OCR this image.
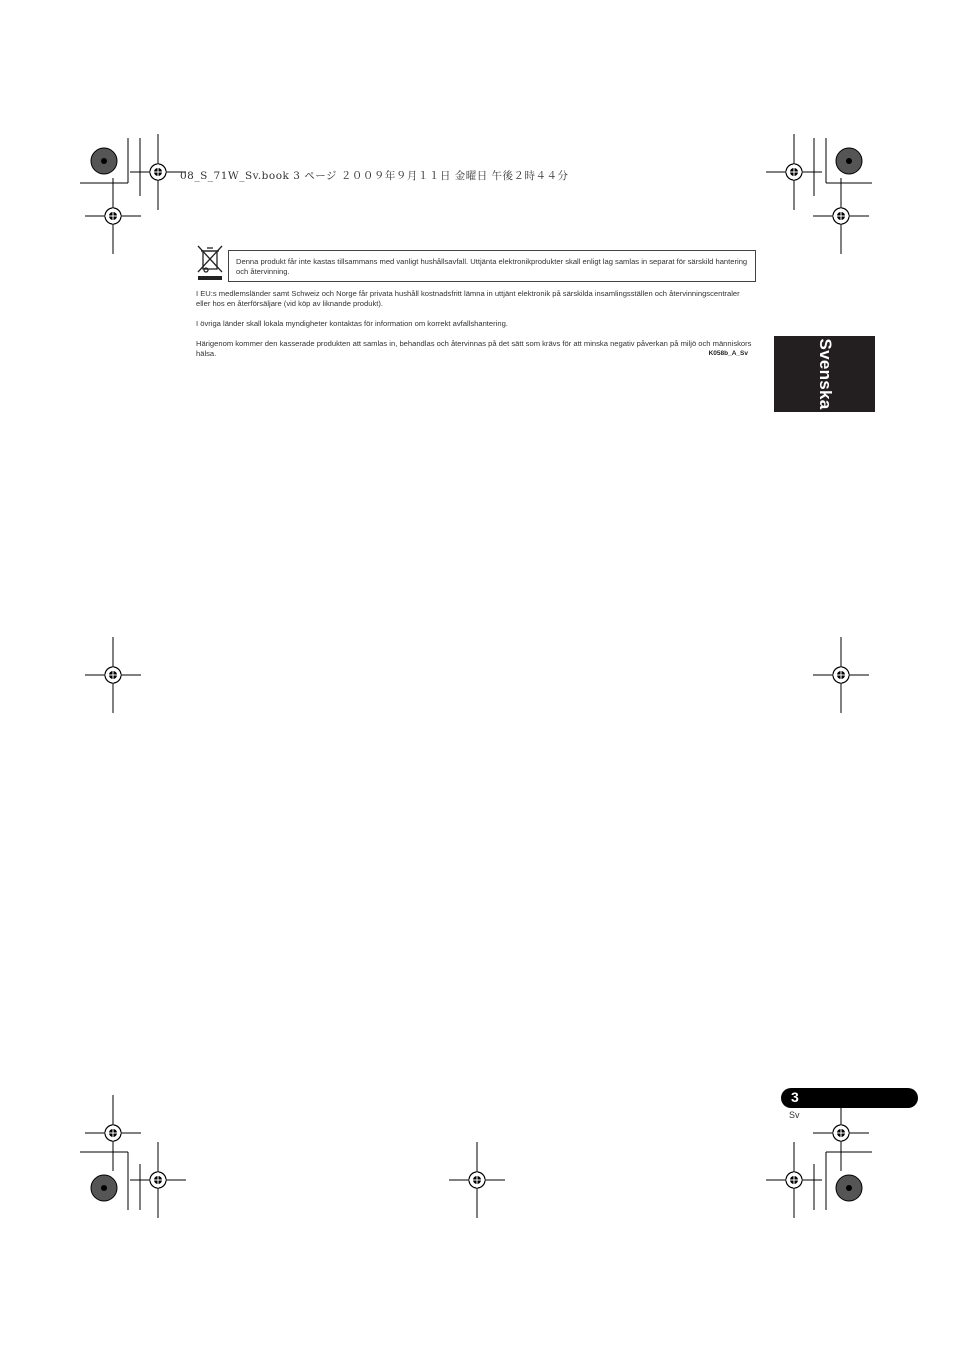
08_S_71W_Sv.book 3 ページ ２００９年９月１１日 金曜日 午後２時４４分
Denna produkt får inte kastas tillsammans med vanligt hushållsavfall. Uttjänta elektronikprodukter skall enligt lag samlas in separat för särskild hantering och återvinning.
I EU:s medlemsländer samt Schweiz och Norge får privata hushåll kostnadsfritt lämna in uttjänt elektronik på särskilda insamlingsställen och återvinningscentraler eller hos en återförsäljare (vid köp av liknande produkt).
I övriga länder skall lokala myndigheter kontaktas för information om korrekt avfallshantering.
Härigenom kommer den kasserade produkten att samlas in, behandlas och återvinnas på det sätt som krävs för att minska negativ påverkan på miljö och människors hälsa.	K058b_A_Sv	Svenska
3
Sv
